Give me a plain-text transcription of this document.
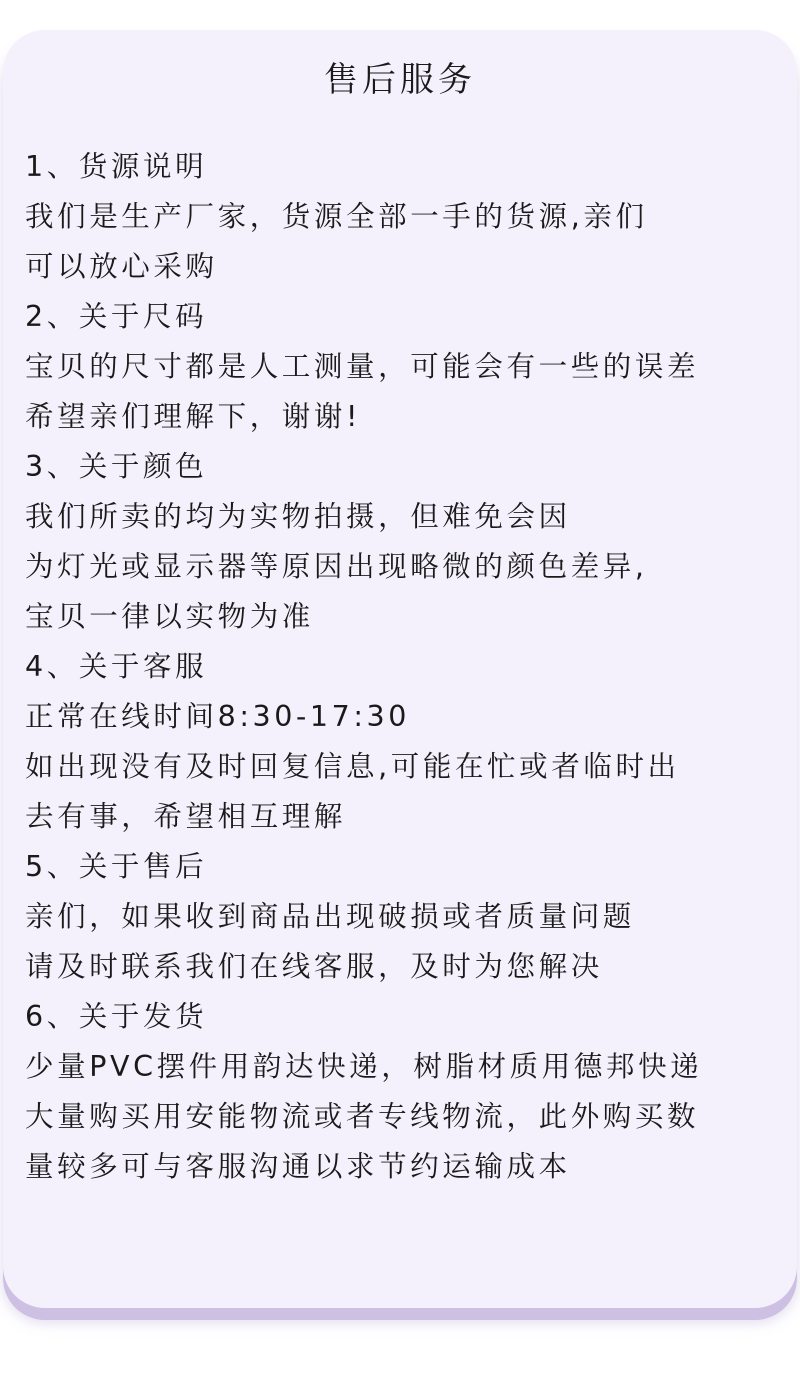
售后服务
1、货源说明
我们是生产厂家，货源全部一手的货源,亲们
可以放心采购
2、关于尺码
宝贝的尺寸都是人工测量，可能会有一些的误差
希望亲们理解下，谢谢!
3、关于颜色
我们所卖的均为实物拍摄，但难免会因
为灯光或显示器等原因出现略微的颜色差异,
宝贝一律以实物为准
4、关于客服
正常在线时间8:30-17:30
如出现没有及时回复信息,可能在忙或者临时出
去有事，希望相互理解
5、关于售后
亲们，如果收到商品出现破损或者质量问题
请及时联系我们在线客服，及时为您解决
6、关于发货
少量PVC摆件用韵达快递，树脂材质用德邦快递
大量购买用安能物流或者专线物流，此外购买数
量较多可与客服沟通以求节约运输成本
